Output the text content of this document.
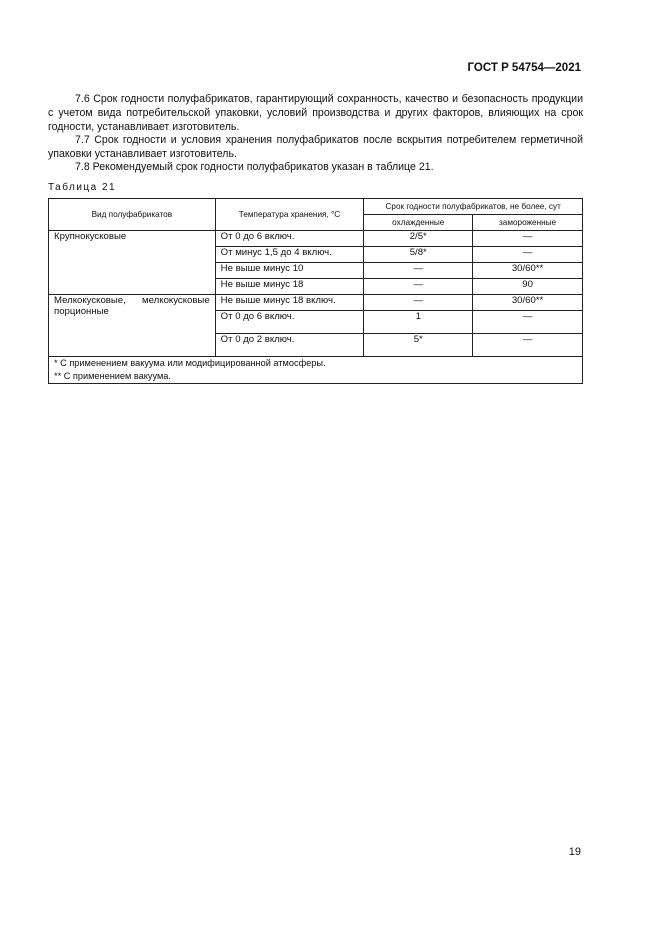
ГОСТ Р 54754—2021
7.6 Срок годности полуфабрикатов, гарантирующий сохранность, качество и безопасность продукции с учетом вида потребительской упаковки, условий производства и других факторов, влияющих на срок годности, устанавливает изготовитель.
7.7 Срок годности и условия хранения полуфабрикатов после вскрытия потребителем герметичной упаковки устанавливает изготовитель.
7.8 Рекомендуемый срок годности полуфабрикатов указан в таблице 21.
Таблица 21
Вид полуфабрикатов	Температура хранения, °С	Срок годности полуфабрикатов, не более, сут	
		охлажденные	замороженные
Крупнокусковые	От 0 до 6 включ.	2/5*	—
	От минус 1,5 до 4 включ.	5/8*	—
	Не выше минус 10	—	30/60**
	Не выше минус 18	—	90

Мелкокусковые, мелкокусковые
порционные	Не выше минус 18 включ.	—	30/60**
	От 0 до 6 включ.	1	—
	От 0 до 2 включ.	5*	—

* С применением вакуума или модифицированной атмосферы.
** С применением вакуума.			
19
